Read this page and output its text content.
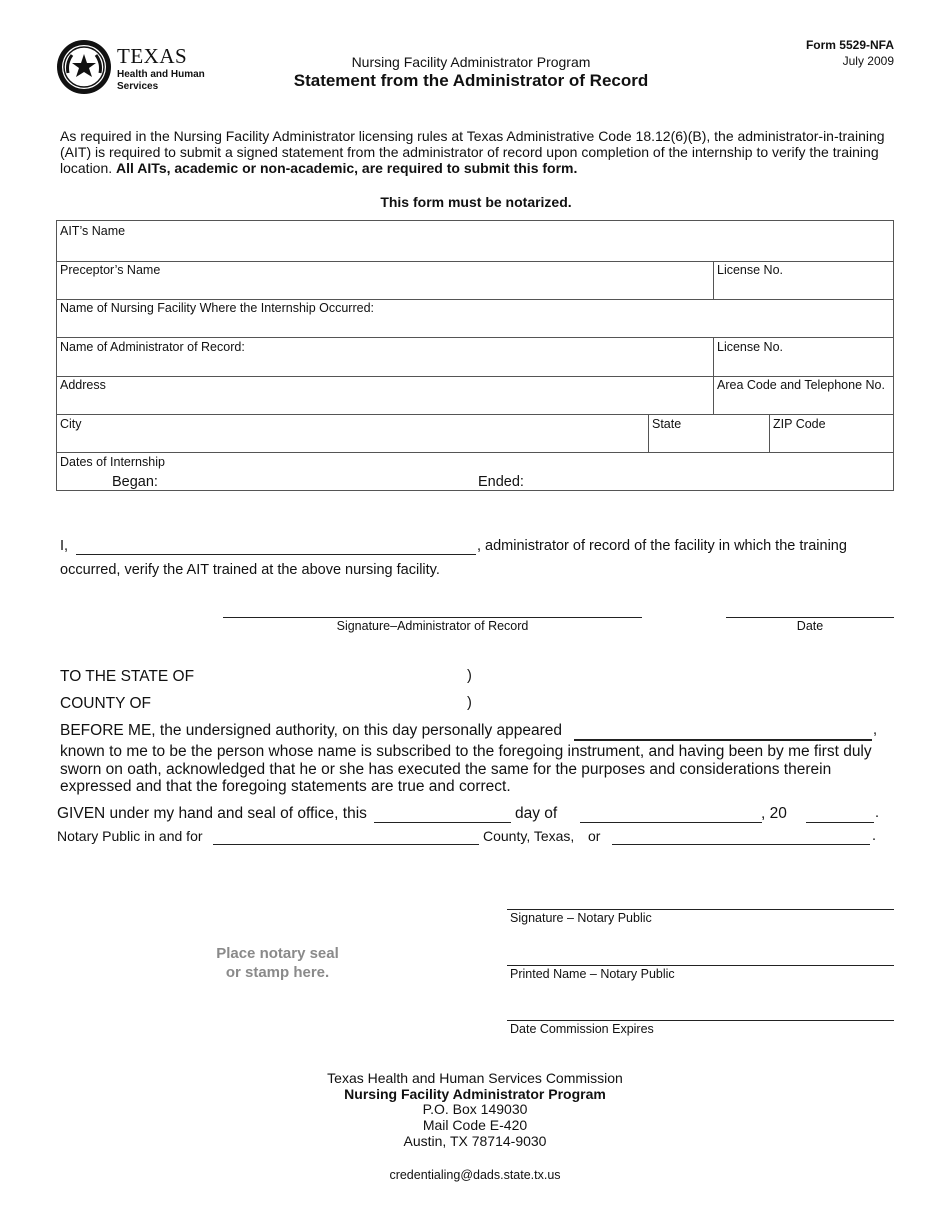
TEXAS
Health and Human
Services
Nursing Facility Administrator Program
Statement from the Administrator of Record
Form 5529-NFA
July 2009
As required in the Nursing Facility Administrator licensing rules at Texas Administrative Code 18.12(6)(B), the administrator-in-training (AIT) is required to submit a signed statement from the administrator of record upon completion of the internship to verify the training location. All AITs, academic or non-academic, are required to submit this form.
This form must be notarized.
AIT’s Name
Preceptor’s Name	License No.
Name of Nursing Facility Where the Internship Occurred:
Name of Administrator of Record:	License No.
Address	Area Code and Telephone No.
City	State	ZIP Code
Dates of Internship
Began:	Ended:
I,	, administrator of record of the facility in which the training
occurred, verify the AIT trained at the above nursing facility.
Signature–Administrator of Record	Date
TO THE STATE OF	)
COUNTY OF	)
BEFORE ME, the undersigned authority, on this day personally appeared	,
known to me to be the person whose name is subscribed to the foregoing instrument, and having been by me first duly sworn on oath, acknowledged that he or she has executed the same for the purposes and considerations therein expressed and that the foregoing statements are true and correct.
GIVEN under my hand and seal of office, this	day of	, 20	.
Notary Public in and for	County, Texas, or	.
Signature – Notary Public
Printed Name – Notary Public
Date Commission Expires
Place notary seal
or stamp here.
Texas Health and Human Services Commission
Nursing Facility Administrator Program
P.O. Box 149030
Mail Code E-420
Austin, TX 78714-9030
credentialing@dads.state.tx.us
